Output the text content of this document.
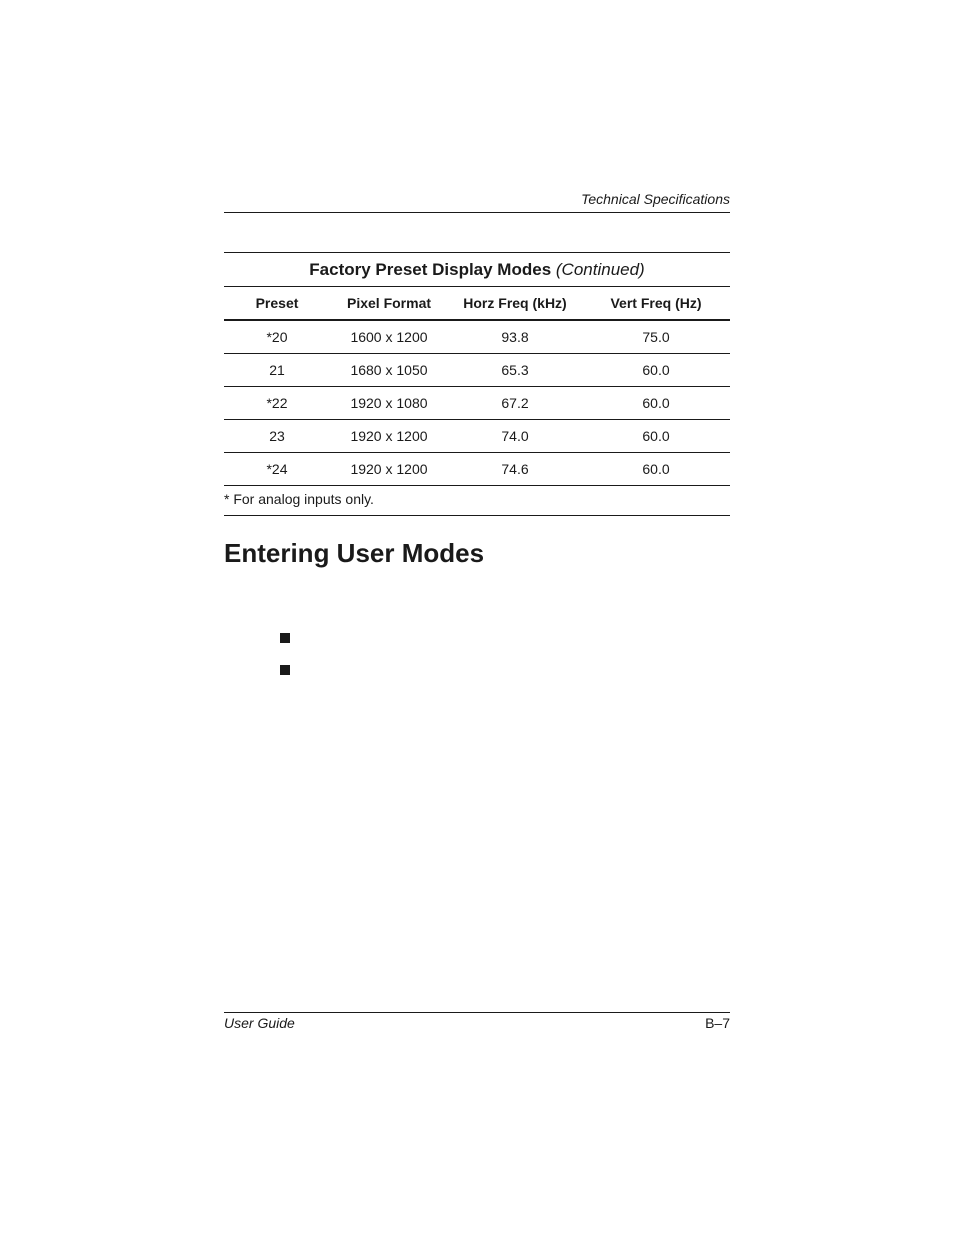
Technical Specifications
Factory Preset Display Modes (Continued)
Preset	Pixel Format	Horz Freq (kHz)	Vert Freq (Hz)
*20	1600 x 1200	93.8	75.0
21	1680 x 1050	65.3	60.0
*22	1920 x 1080	67.2	60.0
23	1920 x 1200	74.0	60.0
*24	1920 x 1200	74.6	60.0
* For analog inputs only.
Entering User Modes
User Guide	B–7
